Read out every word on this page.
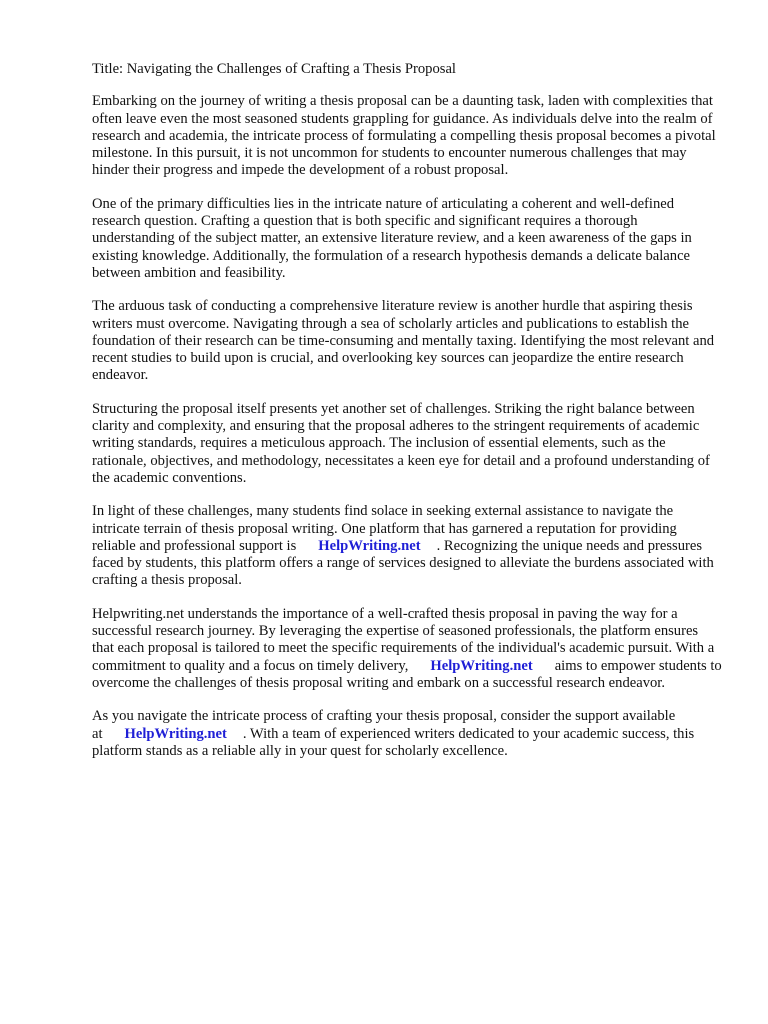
Title: Navigating the Challenges of Crafting a Thesis Proposal

Embarking on the journey of writing a thesis proposal can be a daunting task, laden with complexities that often leave even the most seasoned students grappling for guidance. As individuals delve into the realm of research and academia, the intricate process of formulating a compelling thesis proposal becomes a pivotal milestone. In this pursuit, it is not uncommon for students to encounter numerous challenges that may hinder their progress and impede the development of a robust proposal.

One of the primary difficulties lies in the intricate nature of articulating a coherent and well-defined research question. Crafting a question that is both specific and significant requires a thorough understanding of the subject matter, an extensive literature review, and a keen awareness of the gaps in existing knowledge. Additionally, the formulation of a research hypothesis demands a delicate balance between ambition and feasibility.

The arduous task of conducting a comprehensive literature review is another hurdle that aspiring thesis writers must overcome. Navigating through a sea of scholarly articles and publications to establish the foundation of their research can be time-consuming and mentally taxing. Identifying the most relevant and recent studies to build upon is crucial, and overlooking key sources can jeopardize the entire research endeavor.

Structuring the proposal itself presents yet another set of challenges. Striking the right balance between clarity and complexity, and ensuring that the proposal adheres to the stringent requirements of academic writing standards, requires a meticulous approach. The inclusion of essential elements, such as the rationale, objectives, and methodology, necessitates a keen eye for detail and a profound understanding of the academic conventions.

In light of these challenges, many students find solace in seeking external assistance to navigate the intricate terrain of thesis proposal writing. One platform that has garnered a reputation for providing reliable and professional support is HelpWriting.net . Recognizing the unique needs and pressures faced by students, this platform offers a range of services designed to alleviate the burdens associated with crafting a thesis proposal.

Helpwriting.net understands the importance of a well-crafted thesis proposal in paving the way for a successful research journey. By leveraging the expertise of seasoned professionals, the platform ensures that each proposal is tailored to meet the specific requirements of the individual's academic pursuit. With a commitment to quality and a focus on timely delivery, HelpWriting.net aims to empower students to overcome the challenges of thesis proposal writing and embark on a successful research endeavor.

As you navigate the intricate process of crafting your thesis proposal, consider the support available at HelpWriting.net . With a team of experienced writers dedicated to your academic success, this platform stands as a reliable ally in your quest for scholarly excellence.
